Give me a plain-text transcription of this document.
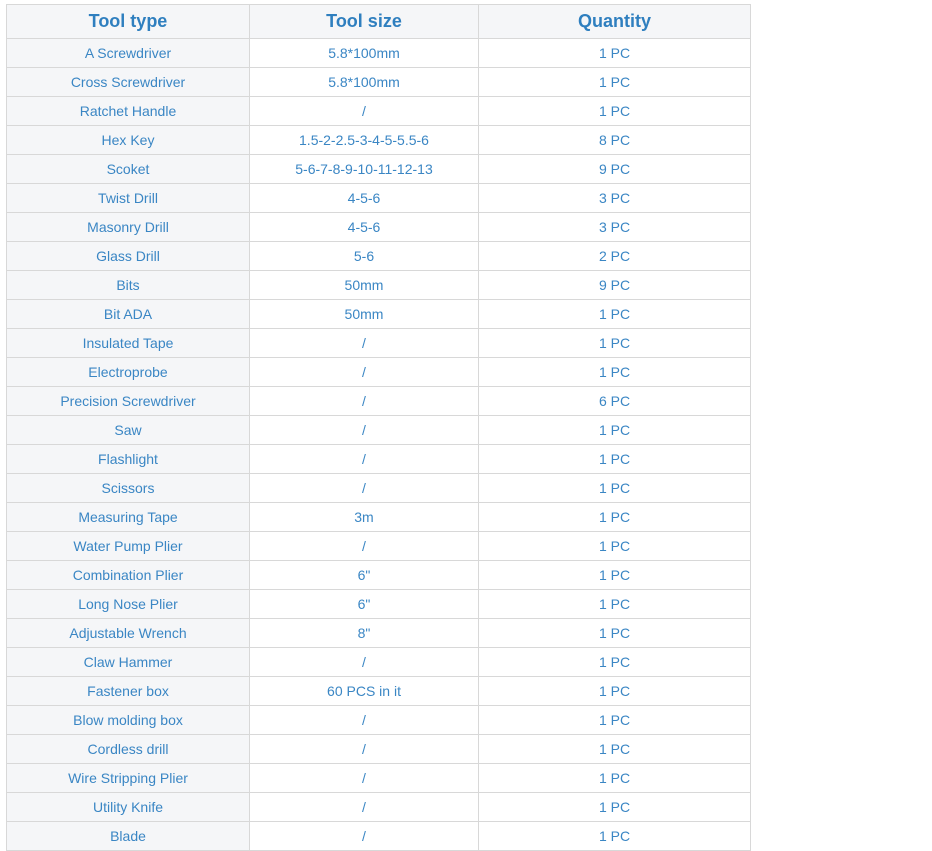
Tool type	Tool size	Quantity
A Screwdriver	5.8*100mm	1 PC
Cross Screwdriver	5.8*100mm	1 PC
Ratchet Handle	/	1 PC
Hex Key	1.5-2-2.5-3-4-5-5.5-6	8 PC
Scoket	5-6-7-8-9-10-11-12-13	9 PC
Twist Drill	4-5-6	3 PC
Masonry Drill	4-5-6	3 PC
Glass Drill	5-6	2 PC
Bits	50mm	9 PC
Bit ADA	50mm	1 PC
Insulated Tape	/	1 PC
Electroprobe	/	1 PC
Precision Screwdriver	/	6 PC
Saw	/	1 PC
Flashlight	/	1 PC
Scissors	/	1 PC
Measuring Tape	3m	1 PC
Water Pump Plier	/	1 PC
Combination Plier	6"	1 PC
Long Nose Plier	6"	1 PC
Adjustable Wrench	8"	1 PC
Claw Hammer	/	1 PC
Fastener box	60 PCS in it	1 PC
Blow molding box	/	1 PC
Cordless drill	/	1 PC
Wire Stripping Plier	/	1 PC
Utility Knife	/	1 PC
Blade	/	1 PC
